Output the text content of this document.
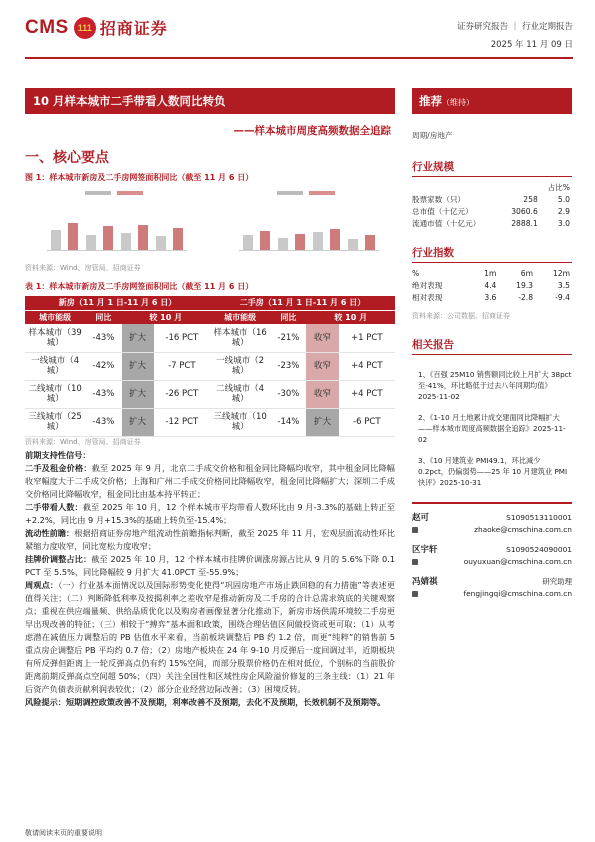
CMS 111 招商证券	证券研究报告 ｜ 行业定期报告
2025 年 11 月 09 日
10 月样本城市二手带看人数同比转负
——样本城市周度高频数据全追踪
一、核心要点
图 1：样本城市新房及二手房网签面积同比（截至 11 月 6 日）
资料来源：Wind、房管局、招商证券
表 1：样本城市新房及二手房网签面积同比（截至 11 月 6 日）
新房（11 月 1 日-11 月 6 日）				二手房（11 月 1 日-11 月 6 日）			
城市能级	同比	较 10 月		城市能级	同比	较 10 月	
样本城市（39 城）	-43%	扩大	-16 PCT	样本城市（16 城）	-21%	收窄	+1 PCT
一线城市（4 城）	-42%	扩大	-7 PCT	一线城市（2 城）	-23%	收窄	+4 PCT
二线城市（10 城）	-43%	扩大	-26 PCT	二线城市（4 城）	-30%	收窄	+4 PCT
三线城市（25 城）	-43%	扩大	-12 PCT	三线城市（10 城）	-14%	扩大	-6 PCT
资料来源：Wind、房管局、招商证券

前期支持性信号：

二手及租金价格：截至 2025 年 9 月，北京二手成交价格和租金同比降幅均收窄，其中租金同比降幅收窄幅度大于二手成交价格；上海和广州二手成交价格同比降幅收窄，租金同比降幅扩大；深圳二手成交价格同比降幅收窄，租金同比由基本持平转正；

二手带看人数：截至 2025 年 10 月，12 个样本城市平均带看人数环比由 9 月-3.3%的基础上转正至+2.2%，同比由 9 月+15.3%的基础上转负至-15.4%；

流动性前瞻：根据招商证券房地产组流动性前瞻指标判断，截至 2025 年 11 月，宏观层面流动性环比紧缩力度收窄，同比宽松力度收窄；

挂牌价调整占比：截至 2025 年 10 月，12 个样本城市挂牌价调涨房源占比从 9 月的 5.6%下降 0.1 PCT 至 5.5%，同比降幅较 9 月扩大 41.0PCT 至-55.9%；

周观点：（一）行业基本面情况以及国际形势变化使得“巩固房地产市场止跌回稳的有力措施”等表述更值得关注；（二）判断降低利率及按揭利率之差收窄是推动新房及二手房的合计总需求筑底的关键观察点；重视在供应端量频、供给品质优化以及购房者画像显著分化推动下，新房市场供需环境较二手房更早出现改善的特征；（三）相较于“搏弈”基本面和政策，围绕合理估值区间做投资或更可取：（1）从考虑潜在减值压力调整后的 PB 估值水平来看，当前板块调整后 PB 约 1.2 倍，而更“纯粹”的销售前 5 重点房企调整后 PB 平均约 0.7 倍；（2）房地产板块在 24 年 9-10 月反弹后一度回调过半，近期板块有所反弹但距离上一轮反弹高点仍有约 15%空间，而部分股票价格仍在相对低位，个别标的当前股价距离前期反弹高点空间超 50%；（四）关注全国性和区域性房企风险溢价修复的三条主线：（1）21 年后资产负债表贡献利润表较优；（2）部分企业经营边际改善；（3）困境反转。

风险提示：短期调控政策改善不及预期，利率改善不及预期，去化不及预期，长效机制不及预期等。

敬请阅读末页的重要说明
推荐（维持）
周期/房地产
行业规模
		占比%
股票家数（只）	258	5.0
总市值（十亿元）	3060.6	2.9
流通市值（十亿元）	2888.1	3.0
行业指数
%	1m	6m	12m
绝对表现	4.4	19.3	3.5
相对表现	3.6	-2.8	-9.4
资料来源：公司数据、招商证券
相关报告
1、《百强 25M10 销售额同比较上月扩大 38pct 至-41%，环比略低于过去八年同期均值》2025-11-02
2、《1-10 月土地累计成交建面同比降幅扩大——样本城市周度高频数据全追踪》2025-11-02
3、《10 月建筑业 PMI49.1，环比减少 0.2pct，仍偏弱势——25 年 10 月建筑业 PMI 快评》2025-10-31
赵可	S1090513110001
zhaoke@cmschina.com.cn
区宇轩	S1090524090001
ouyuxuan@cmschina.com.cn
冯婧祺	研究助理
fengjingqi@cmschina.com.cn
